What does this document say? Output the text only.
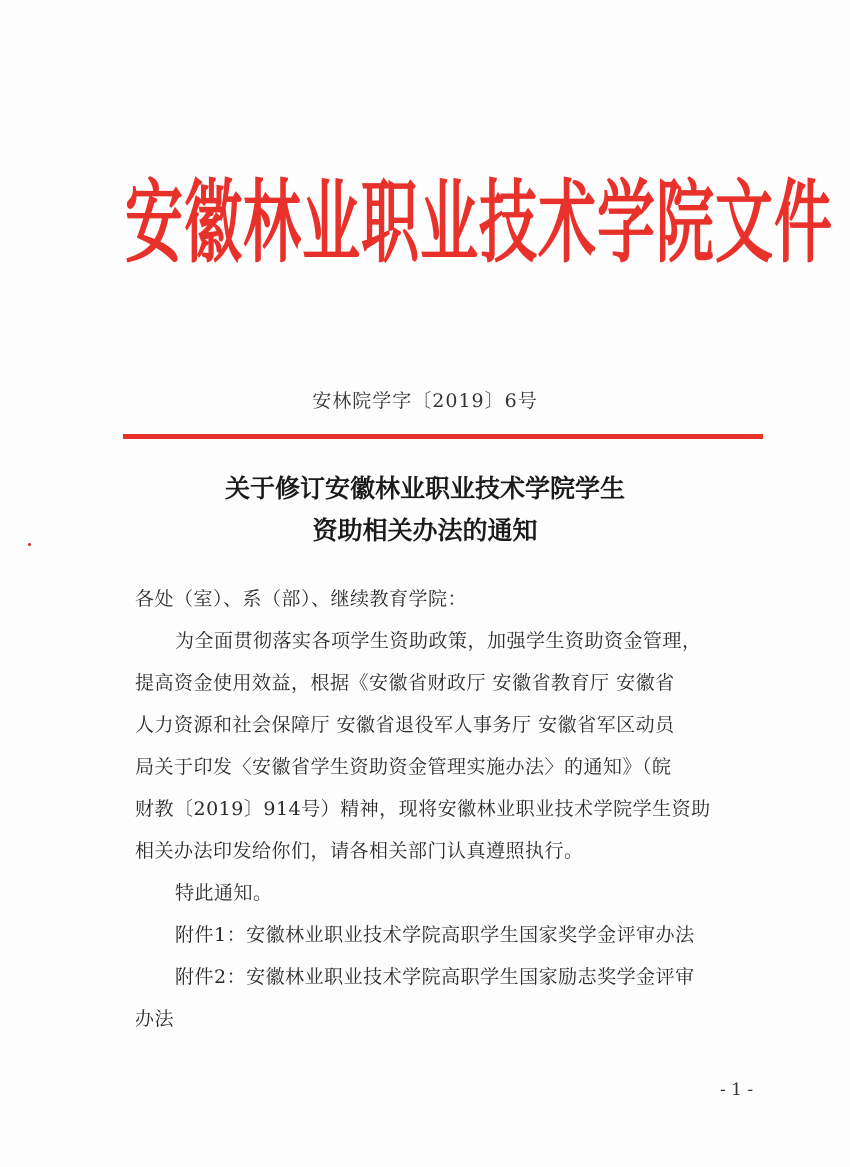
安徽林业职业技术学院文件
安林院学字〔2019〕6号
关于修订安徽林业职业技术学院学生
资助相关办法的通知
各处（室）、系（部）、继续教育学院：
为全面贯彻落实各项学生资助政策，加强学生资助资金管理，
提高资金使用效益，根据《安徽省财政厅 安徽省教育厅 安徽省
人力资源和社会保障厅 安徽省退役军人事务厅 安徽省军区动员
局关于印发〈安徽省学生资助资金管理实施办法〉的通知》（皖
财教〔2019〕914号）精神，现将安徽林业职业技术学院学生资助
相关办法印发给你们，请各相关部门认真遵照执行。
特此通知。
附件1：安徽林业职业技术学院高职学生国家奖学金评审办法
附件2：安徽林业职业技术学院高职学生国家励志奖学金评审
办法
- 1 -
